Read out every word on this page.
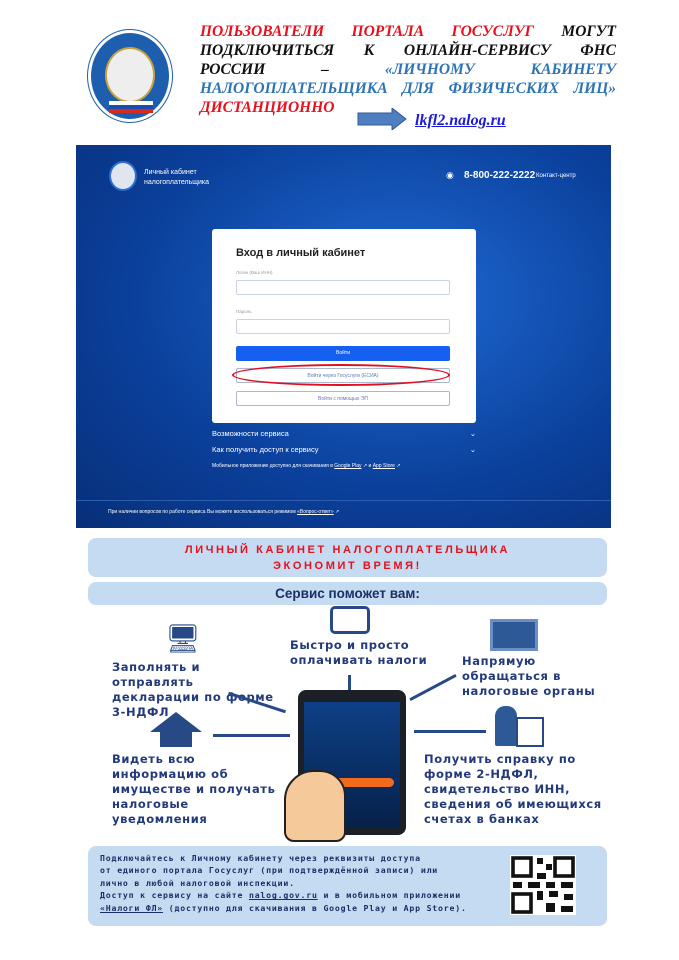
ПОЛЬЗОВАТЕЛИ ПОРТАЛА ГОСУСЛУГ МОГУТ
ПОДКЛЮЧИТЬСЯ К ОНЛАЙН-СЕРВИСУ ФНС
РОССИИ –	«ЛИЧНОМУ КАБИНЕТУ
НАЛОГОПЛАТЕЛЬЩИКА ДЛЯ ФИЗИЧЕСКИХ ЛИЦ»
ДИСТАНЦИОННО
lkfl2.nalog.ru
Личный кабинет
налогоплательщика
◉ 8-800-222-2222 Контакт-центр
Вход в личный кабинет
Логин (Ваш ИНН)
Пароль
Войти
Войти через Госуслуги (ЕСИА)
Войти с помощью ЭП
Возможности сервиса	⌄
Как получить доступ к сервису	⌄
Мобильное приложение доступно для скачивания в Google Play ↗ и App Store ↗
При наличии вопросов по работе сервиса Вы можете воспользоваться режимом «Вопрос-ответ» ↗
ЛИЧНЫЙ КАБИНЕТ НАЛОГОПЛАТЕЛЬЩИКА
ЭКОНОМИТ ВРЕМЯ!
Сервис поможет вам:
🖥
Заполнять и отправлять декларации по форме 3-НДФЛ
Быстро и просто оплачивать налоги	Напрямую обращаться в налоговые органы
Видеть всю информацию об имуществе и получать налоговые уведомления
Получить справку по форме 2-НДФЛ, свидетельство ИНН, сведения об имеющихся счетах в банках
Подключайтесь к Личному кабинету через реквизиты доступа
от единого портала Госуслуг (при подтверждённой записи) или
лично в любой налоговой инспекции.
Доступ к сервису на сайте nalog.gov.ru и в мобильном приложении
«Налоги ФЛ» (доступно для скачивания в Google Play и App Store).
